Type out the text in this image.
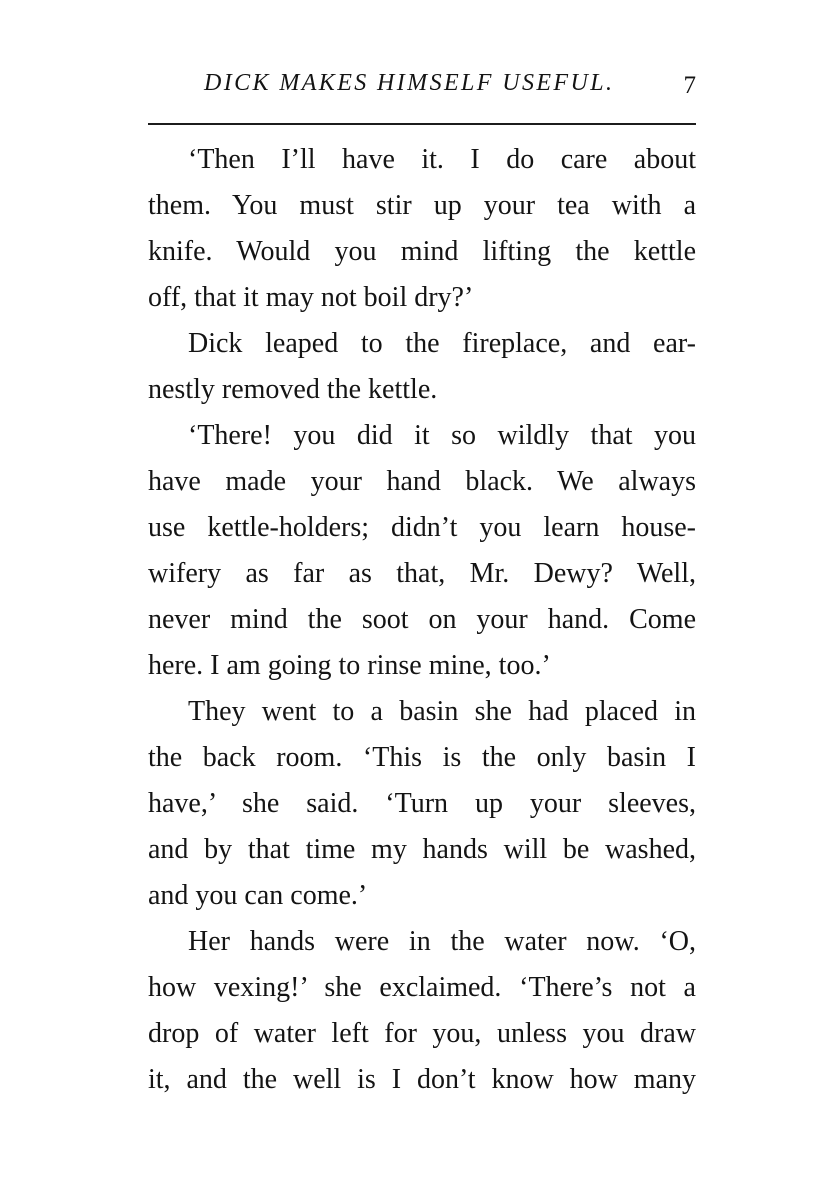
DICK MAKES HIMSELF USEFUL.	7
‘Then I’ll have it. I do care about
them. You must stir up your tea with a
knife. Would you mind lifting the kettle
off, that it may not boil dry?’
Dick leaped to the fireplace, and ear-
nestly removed the kettle.
‘There! you did it so wildly that you
have made your hand black. We always
use kettle-holders; didn’t you learn house-
wifery as far as that, Mr. Dewy? Well,
never mind the soot on your hand. Come
here. I am going to rinse mine, too.’
They went to a basin she had placed in
the back room. ‘This is the only basin I
have,’ she said. ‘Turn up your sleeves,
and by that time my hands will be washed,
and you can come.’
Her hands were in the water now. ‘O,
how vexing!’ she exclaimed. ‘There’s not a
drop of water left for you, unless you draw
it, and the well is I don’t know how many
